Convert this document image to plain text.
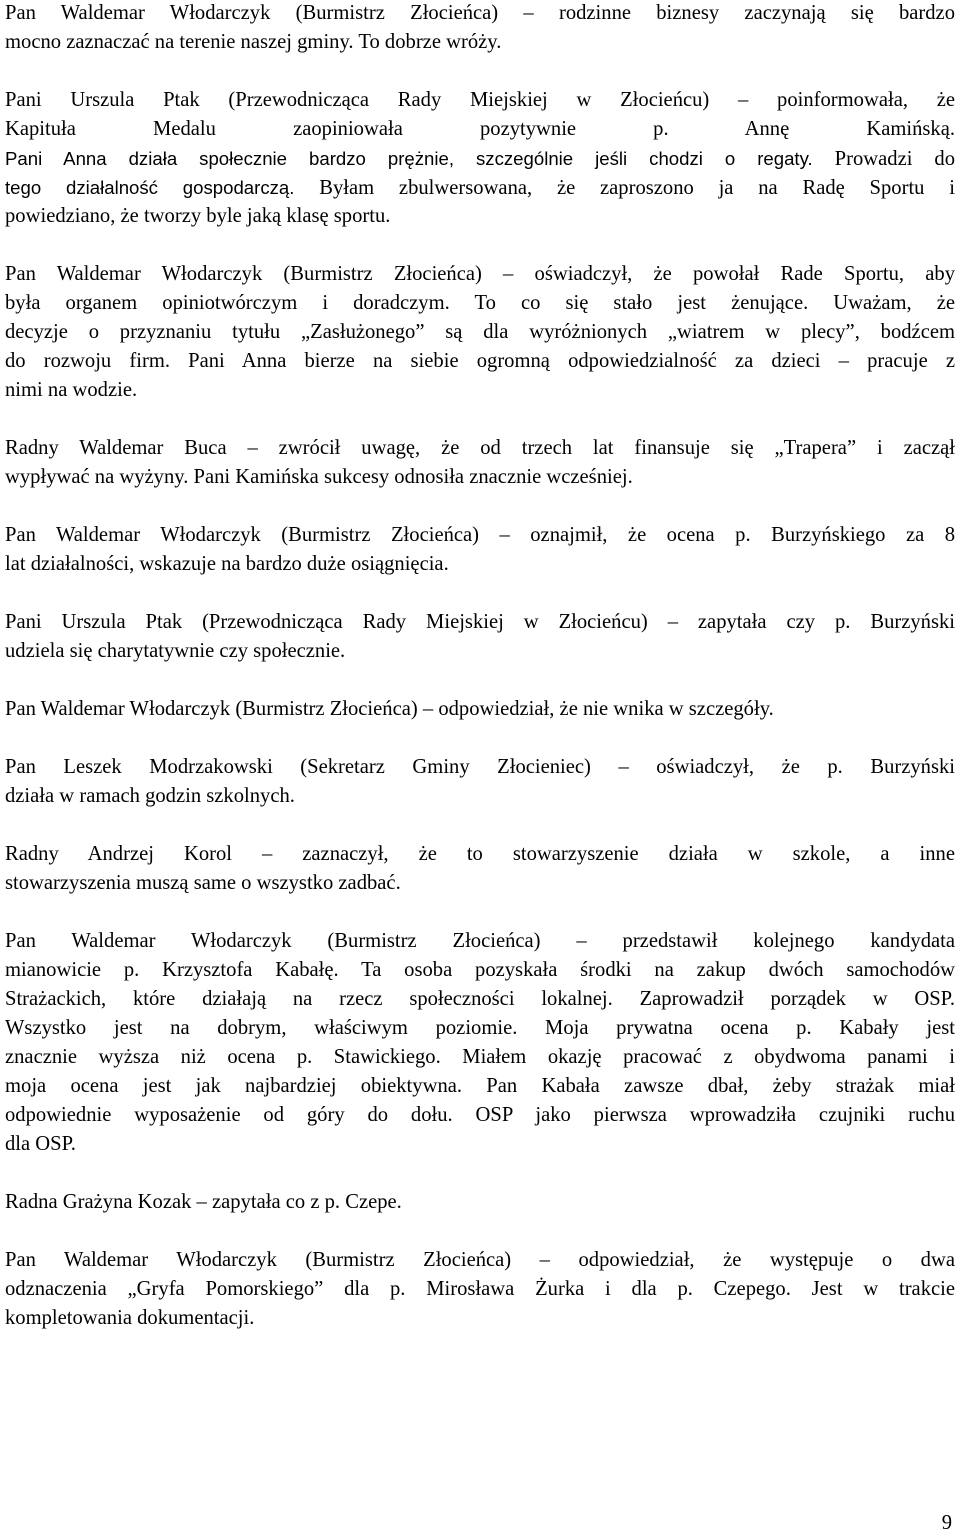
Pan Waldemar Włodarczyk (Burmistrz Złocieńca) – rodzinne biznesy zaczynają się bardzo
mocno zaznaczać na terenie naszej gminy. To dobrze wróży.
Pani Urszula Ptak (Przewodnicząca Rady Miejskiej w Złocieńcu) – poinformowała, że
Kapituła Medalu zaopiniowała pozytywnie p. Annę Kamińską.
Pani Anna działa społecznie bardzo prężnie, szczególnie jeśli chodzi o regaty. Prowadzi do
tego działalność gospodarczą. Byłam zbulwersowana, że zaproszono ja na Radę Sportu i
powiedziano, że tworzy byle jaką klasę sportu.
Pan Waldemar Włodarczyk (Burmistrz Złocieńca) – oświadczył, że powołał Rade Sportu, aby
była organem opiniotwórczym i doradczym. To co się stało jest żenujące. Uważam, że
decyzje o przyznaniu tytułu „Zasłużonego” są dla wyróżnionych „wiatrem w plecy”, bodźcem
do rozwoju firm. Pani Anna bierze na siebie ogromną odpowiedzialność za dzieci – pracuje z
nimi na wodzie.
Radny Waldemar Buca – zwrócił uwagę, że od trzech lat finansuje się „Trapera” i zaczął
wypływać na wyżyny. Pani Kamińska sukcesy odnosiła znacznie wcześniej.
Pan Waldemar Włodarczyk (Burmistrz Złocieńca) – oznajmił, że ocena p. Burzyńskiego za 8
lat działalności, wskazuje na bardzo duże osiągnięcia.
Pani Urszula Ptak (Przewodnicząca Rady Miejskiej w Złocieńcu) – zapytała czy p. Burzyński
udziela się charytatywnie czy społecznie.
Pan Waldemar Włodarczyk (Burmistrz Złocieńca) – odpowiedział, że nie wnika w szczegóły.
Pan Leszek Modrzakowski (Sekretarz Gminy Złocieniec) – oświadczył, że p. Burzyński
działa w ramach godzin szkolnych.
Radny Andrzej Korol – zaznaczył, że to stowarzyszenie działa w szkole, a inne
stowarzyszenia muszą same o wszystko zadbać.
Pan Waldemar Włodarczyk (Burmistrz Złocieńca) – przedstawił kolejnego kandydata
mianowicie p. Krzysztofa Kabałę. Ta osoba pozyskała środki na zakup dwóch samochodów
Strażackich, które działają na rzecz społeczności lokalnej. Zaprowadził porządek w OSP.
Wszystko jest na dobrym, właściwym poziomie. Moja prywatna ocena p. Kabały jest
znacznie wyższa niż ocena p. Stawickiego. Miałem okazję pracować z obydwoma panami i
moja ocena jest jak najbardziej obiektywna. Pan Kabała zawsze dbał, żeby strażak miał
odpowiednie wyposażenie od góry do dołu. OSP jako pierwsza wprowadziła czujniki ruchu
dla OSP.
Radna Grażyna Kozak – zapytała co z p. Czepe.
Pan Waldemar Włodarczyk (Burmistrz Złocieńca) – odpowiedział, że występuje o dwa
odznaczenia „Gryfa Pomorskiego” dla p. Mirosława Żurka i dla p. Czepego. Jest w trakcie
kompletowania dokumentacji.
9
